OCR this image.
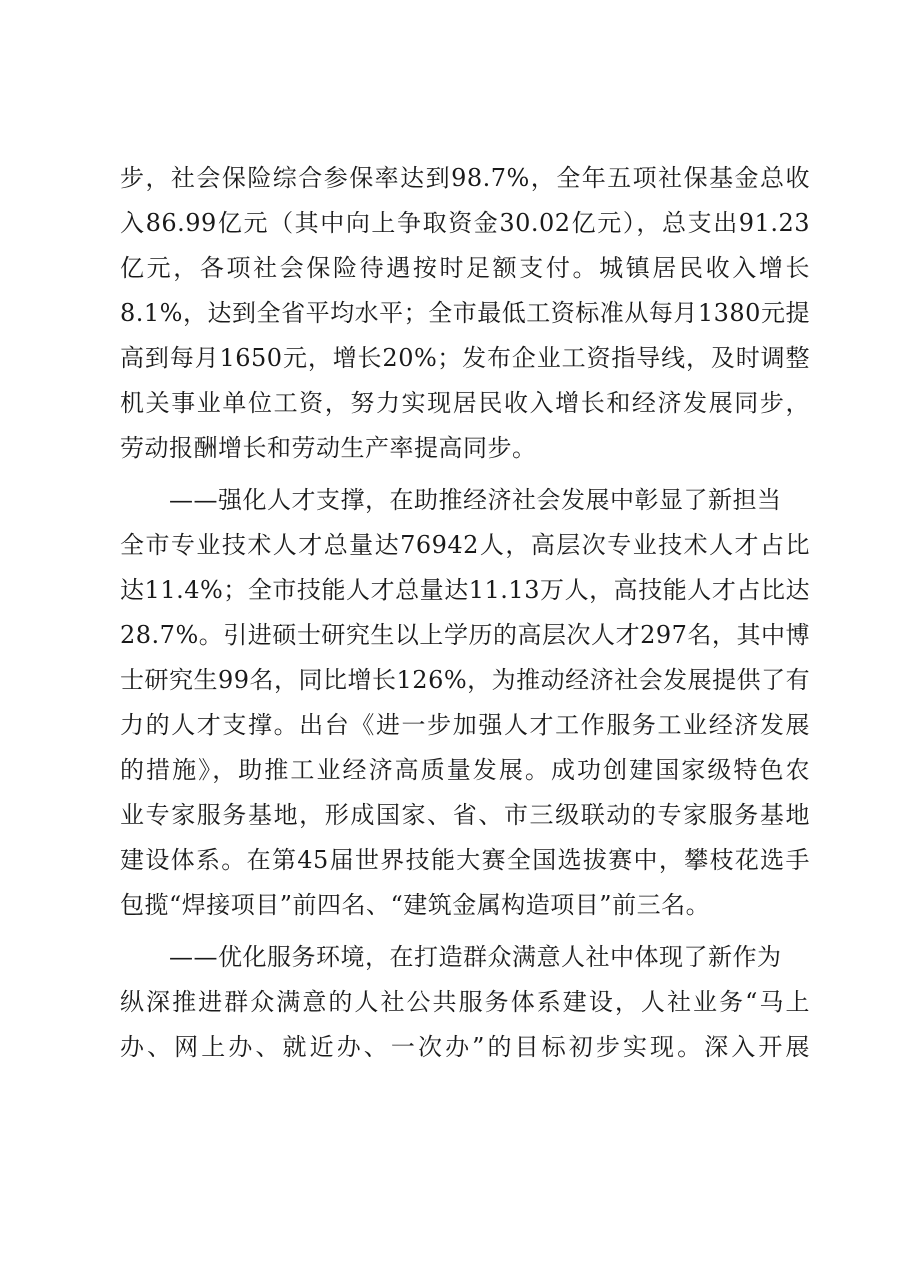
步，社会保险综合参保率达到98.7%，全年五项社保基金总收
入86.99亿元（其中向上争取资金30.02亿元），总支出91.23
亿元，各项社会保险待遇按时足额支付。城镇居民收入增长
8.1%，达到全省平均水平；全市最低工资标准从每月1380元提
高到每月1650元，增长20%；发布企业工资指导线，及时调整
机关事业单位工资，努力实现居民收入增长和经济发展同步，
劳动报酬增长和劳动生产率提高同步。
　　——强化人才支撑，在助推经济社会发展中彰显了新担当
全市专业技术人才总量达76942人，高层次专业技术人才占比
达11.4%；全市技能人才总量达11.13万人，高技能人才占比达
28.7%。引进硕士研究生以上学历的高层次人才297名，其中博
士研究生99名，同比增长126%，为推动经济社会发展提供了有
力的人才支撑。出台《进一步加强人才工作服务工业经济发展
的措施》，助推工业经济高质量发展。成功创建国家级特色农
业专家服务基地，形成国家、省、市三级联动的专家服务基地
建设体系。在第45届世界技能大赛全国选拔赛中，攀枝花选手
包揽“焊接项目”前四名、“建筑金属构造项目”前三名。
　　——优化服务环境，在打造群众满意人社中体现了新作为
纵深推进群众满意的人社公共服务体系建设，人社业务“马上
办、网上办、就近办、一次办”的目标初步实现。深入开展
